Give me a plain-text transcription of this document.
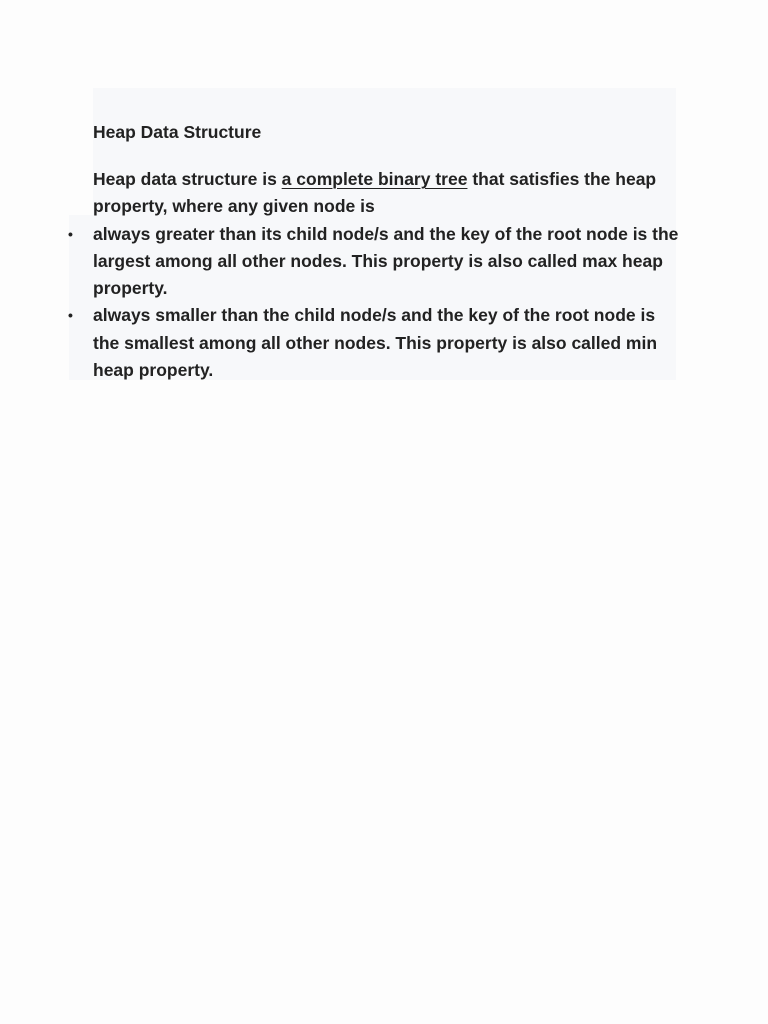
Heap Data Structure

Heap data structure is a complete binary tree that satisfies the heap property, where any given node is

• always greater than its child node/s and the key of the root node is the largest among all other nodes. This property is also called max heap property.
• always smaller than the child node/s and the key of the root node is the smallest among all other nodes. This property is also called min heap property.
